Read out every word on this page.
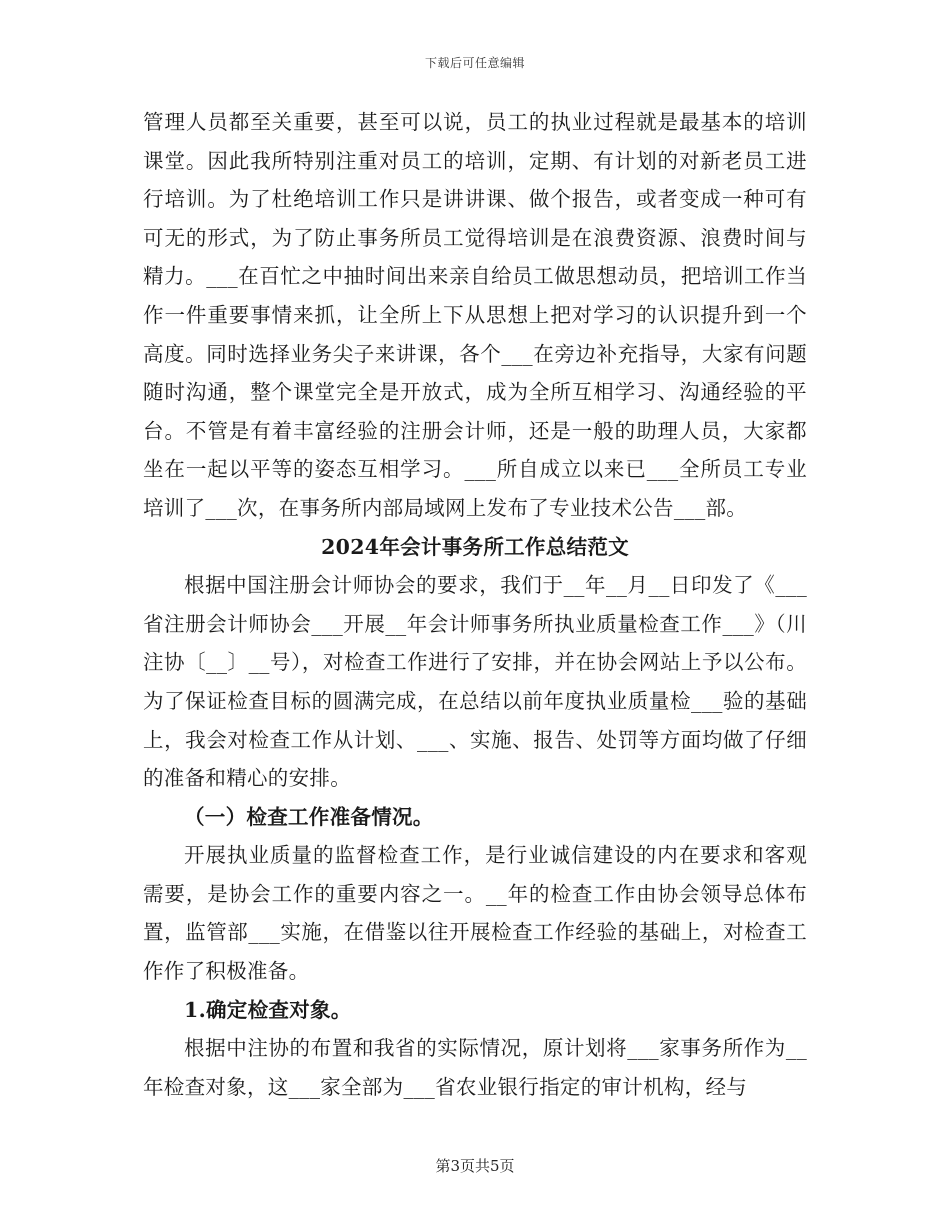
下载后可任意编辑

管理人员都至关重要，甚至可以说，员工的执业过程就是最基本的培训课堂。因此我所特别注重对员工的培训，定期、有计划的对新老员工进行培训。为了杜绝培训工作只是讲讲课、做个报告，或者变成一种可有可无的形式，为了防止事务所员工觉得培训是在浪费资源、浪费时间与精力。___在百忙之中抽时间出来亲自给员工做思想动员，把培训工作当作一件重要事情来抓，让全所上下从思想上把对学习的认识提升到一个高度。同时选择业务尖子来讲课，各个___在旁边补充指导，大家有问题随时沟通，整个课堂完全是开放式，成为全所互相学习、沟通经验的平台。不管是有着丰富经验的注册会计师，还是一般的助理人员，大家都坐在一起以平等的姿态互相学习。___所自成立以来已___全所员工专业培训了___次，在事务所内部局域网上发布了专业技术公告___部。

2024年会计事务所工作总结范文

根据中国注册会计师协会的要求，我们于__年__月__日印发了《___省注册会计师协会___开展__年会计师事务所执业质量检查工作___》（川注协〔__〕__号），对检查工作进行了安排，并在协会网站上予以公布。为了保证检查目标的圆满完成，在总结以前年度执业质量检___验的基础上，我会对检查工作从计划、___、实施、报告、处罚等方面均做了仔细的准备和精心的安排。

（一）检查工作准备情况。

开展执业质量的监督检查工作，是行业诚信建设的内在要求和客观需要，是协会工作的重要内容之一。__年的检查工作由协会领导总体布置，监管部___实施，在借鉴以往开展检查工作经验的基础上，对检查工作作了积极准备。

1.确定检查对象。

根据中注协的布置和我省的实际情况，原计划将___家事务所作为__年检查对象，这___家全部为___省农业银行指定的审计机构，经与

第3页共5页
